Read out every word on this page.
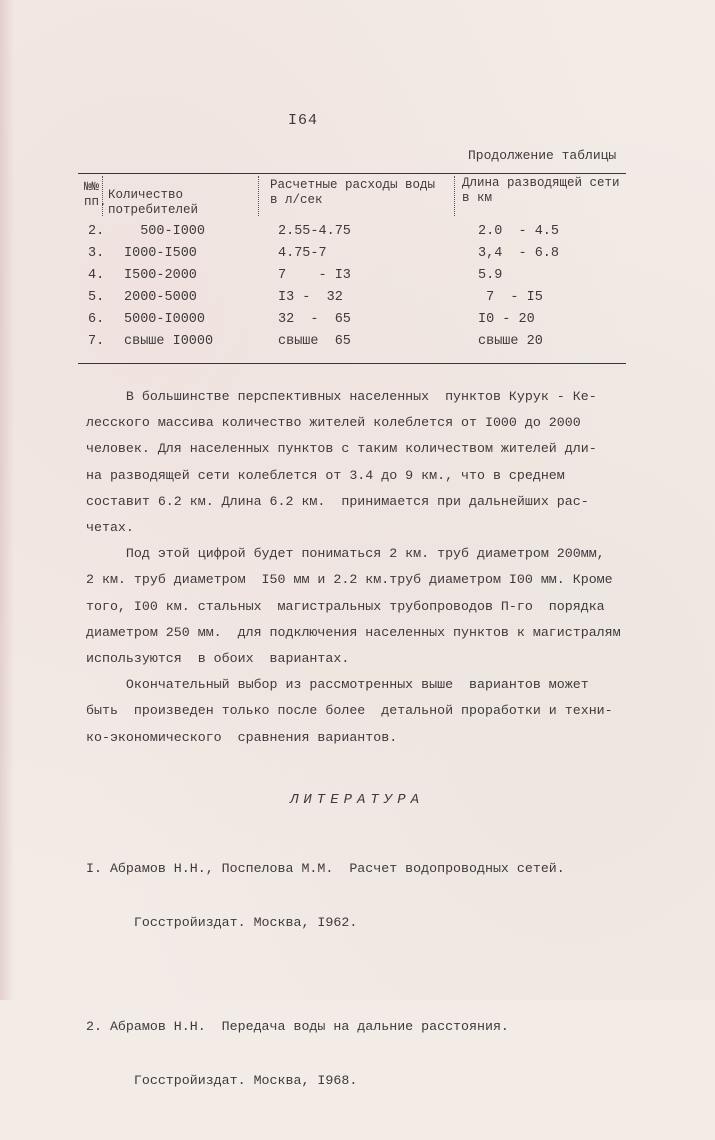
I64
Продолжение таблицы
№№ пп. Количество потребителей
Расчетные расходы воды в л/сек
Длина разводящей сети в км
2. 500-I000	2.55-4.75	2.0  - 4.5
3. I000-I500	4.75-7	3,4  - 6.8
4. I500-2000	7    - I3	5.9
5. 2000-5000	I3 -  32	7  - I5
6. 5000-I0000	32  -  65	I0 - 20
7. свыше I0000	свыше  65	свыше 20

В большинстве перспективных населенных  пунктов Курук - Ке-

лесского массива количество жителей колеблется от I000 до 2000

человек. Для населенных пунктов с таким количеством жителей дли-

на разводящей сети колеблется от 3.4 до 9 км., что в среднем

составит 6.2 км. Длина 6.2 км.  принимается при дальнейших рас-

четах.

Под этой цифрой будет пониматься 2 км. труб диаметром 200мм,

2 км. труб диаметром  I50 мм и 2.2 км.труб диаметром I00 мм. Кроме

того, I00 км. стальных  магистральных трубопроводов П-го  порядка

диаметром 250 мм.  для подключения населенных пунктов к магистралям

используются  в обоих  вариантах.

Окончательный выбор из рассмотренных выше  вариантов может

быть  произведен только после более  детальной проработки и техни-

ко-экономического  сравнения вариантов.

ЛИТЕРАТУРА

I. Абрамов Н.Н., Поспелова М.М.  Расчет водопроводных сетей.

Госстройиздат. Москва, I962.

2. Абрамов Н.Н.  Передача воды на дальние расстояния.

Госстройиздат. Москва, I968.
